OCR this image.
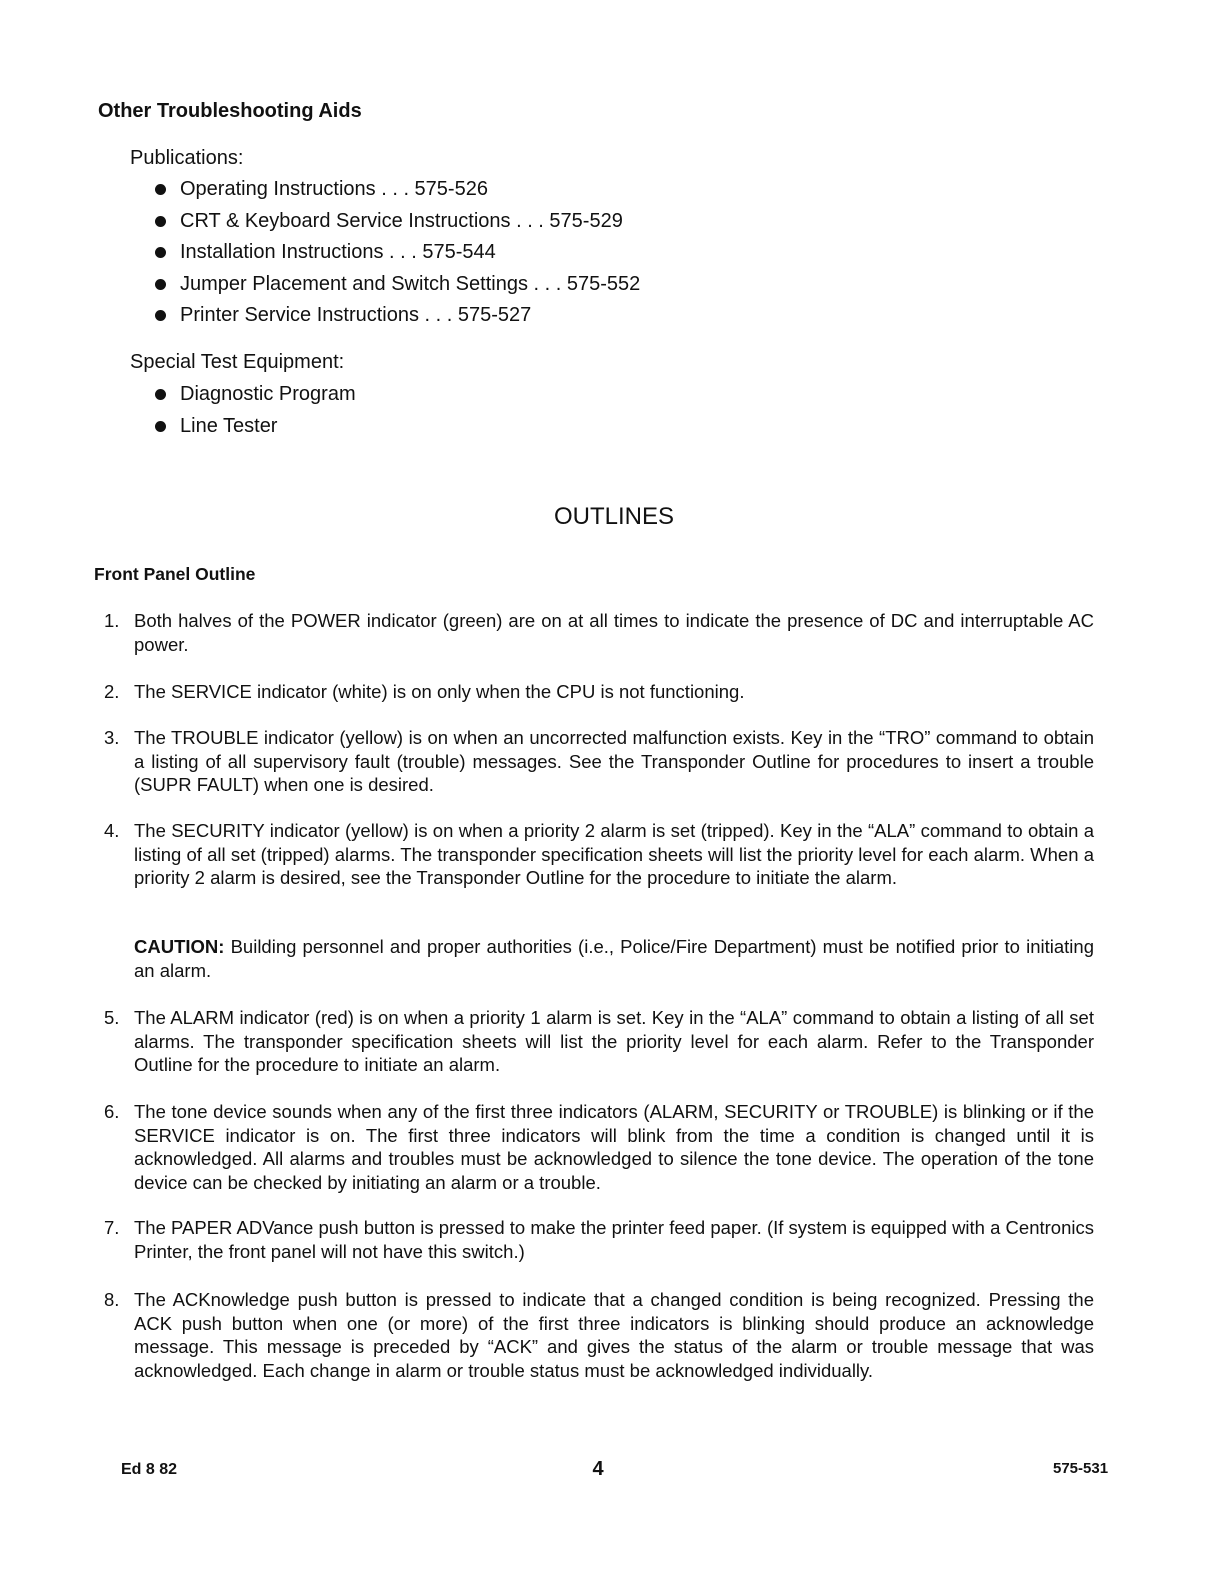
Other Troubleshooting Aids
Publications:
Operating Instructions . . . 575-526
CRT & Keyboard Service Instructions . . . 575-529
Installation Instructions . . . 575-544
Jumper Placement and Switch Settings . . . 575-552
Printer Service Instructions . . . 575-527
Special Test Equipment:
Diagnostic Program
Line Tester
OUTLINES
Front Panel Outline
1. Both halves of the POWER indicator (green) are on at all times to indicate the presence of DC and interruptable AC power.
2. The SERVICE indicator (white) is on only when the CPU is not functioning.
3. The TROUBLE indicator (yellow) is on when an uncorrected malfunction exists. Key in the “TRO” command to obtain a listing of all supervisory fault (trouble) messages. See the Transponder Outline for procedures to insert a trouble (SUPR FAULT) when one is desired.
4. The SECURITY indicator (yellow) is on when a priority 2 alarm is set (tripped). Key in the “ALA” command to obtain a listing of all set (tripped) alarms. The transponder specification sheets will list the priority level for each alarm. When a priority 2 alarm is desired, see the Transponder Outline for the procedure to initiate the alarm.
CAUTION: Building personnel and proper authorities (i.e., Police/Fire Department) must be notified prior to initiating an alarm.
5. The ALARM indicator (red) is on when a priority 1 alarm is set. Key in the “ALA” command to obtain a listing of all set alarms. The transponder specification sheets will list the priority level for each alarm. Refer to the Transponder Outline for the procedure to initiate an alarm.
6. The tone device sounds when any of the first three indicators (ALARM, SECURITY or TROUBLE) is blinking or if the SERVICE indicator is on. The first three indicators will blink from the time a condition is changed until it is acknowledged. All alarms and troubles must be acknowledged to silence the tone device. The operation of the tone device can be checked by initiating an alarm or a trouble.
7. The PAPER ADVance push button is pressed to make the printer feed paper. (If system is equipped with a Centronics Printer, the front panel will not have this switch.)
8. The ACKnowledge push button is pressed to indicate that a changed condition is being recognized. Pressing the ACK push button when one (or more) of the first three indicators is blinking should produce an acknowledge message. This message is preceded by “ACK” and gives the status of the alarm or trouble message that was acknowledged. Each change in alarm or trouble status must be acknowledged individually.
Ed 8 82	4	575-531
